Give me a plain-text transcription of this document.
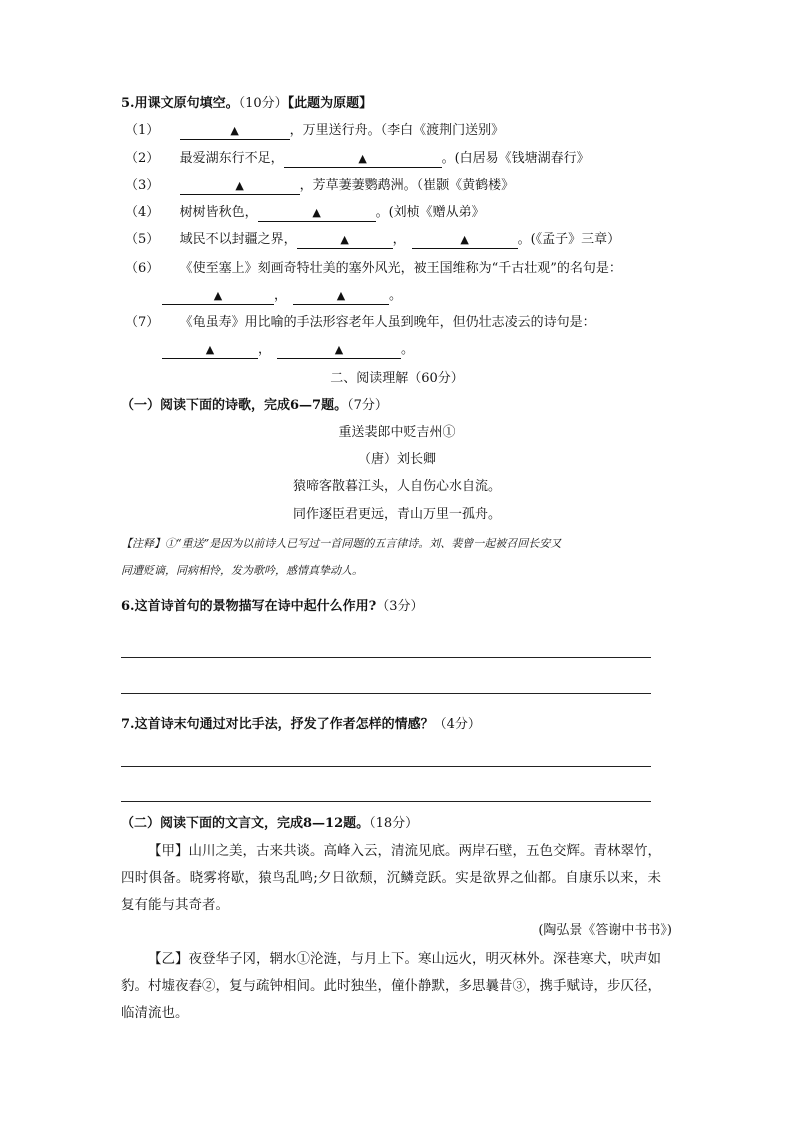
5.用课文原句填空。（10分）【此题为原题】
（1）	▲	，万里送行舟。（李白《渡荆门送别》
（2） 最爱湖东行不足，	▲	。(白居易《钱塘湖春行》
（3）	▲	，芳草萋萋鹦鹉洲。（崔颢《黄鹤楼》
（4） 树树皆秋色，	▲	。(刘桢《赠从弟》
（5） 域民不以封疆之界，	▲	，	▲	。(《孟子》三章）
（6） 《使至塞上》刻画奇特壮美的塞外风光，被王国维称为“千古壮观”的名句是：
▲	，	▲	。
（7） 《龟虽寿》用比喻的手法形容老年人虽到晚年，但仍壮志凌云的诗句是：
▲	，	▲	。
二、阅读理解（60分）
（一）阅读下面的诗歌，完成6—7题。（7分）
重送裴郎中贬吉州①
（唐）刘长卿
猿啼客散暮江头，人自伤心水自流。
同作逐臣君更远，青山万里一孤舟。
【注释】①“重送”是因为以前诗人已写过一首同题的五言律诗。刘、裴曾一起被召回长安又
同遭贬谪，同病相怜，发为歌吟，感情真挚动人。
6.这首诗首句的景物描写在诗中起什么作用?（3分）
7.这首诗末句通过对比手法，抒发了作者怎样的情感？（4分）
（二）阅读下面的文言文，完成8—12题。（18分）
【甲】山川之美，古来共谈。高峰入云，清流见底。两岸石壁，五色交辉。青林翠竹，四时俱备。晓雾将歇，猿鸟乱鸣;夕日欲颓，沉鳞竞跃。实是欲界之仙都。自康乐以来，未复有能与其奇者。
(陶弘景《答谢中书书》)
【乙】夜登华子冈，辋水①沦涟，与月上下。寒山远火，明灭林外。深巷寒犬，吠声如豹。村墟夜舂②，复与疏钟相间。此时独坐，僮仆静默，多思曩昔③，携手赋诗，步仄径，临清流也。
